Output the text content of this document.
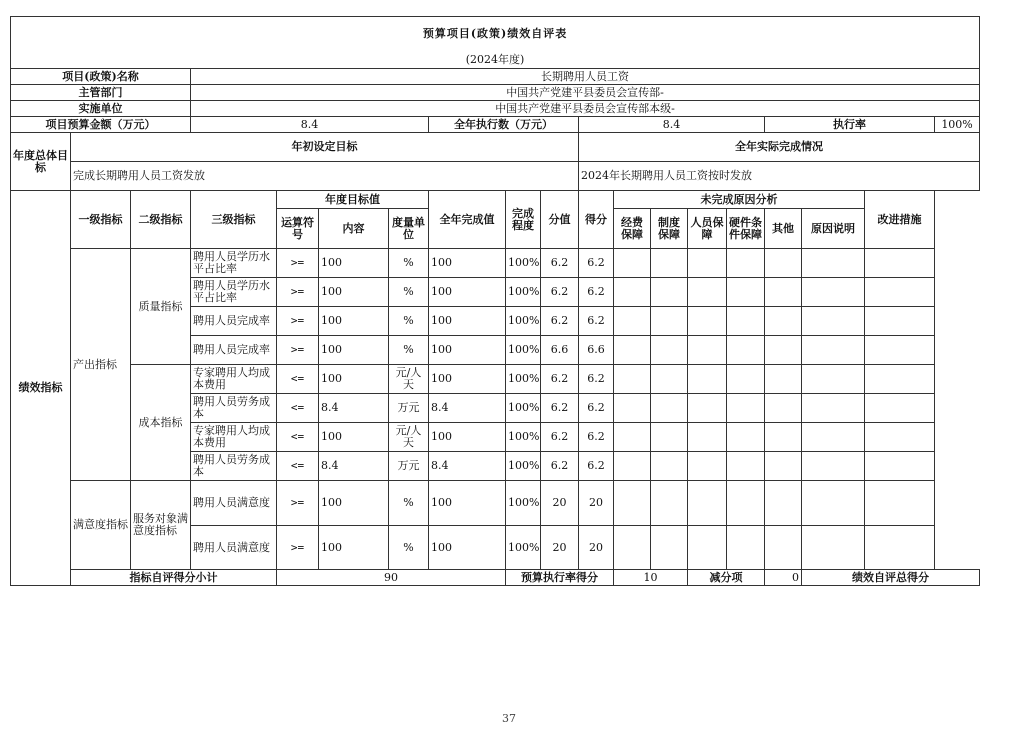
预算项目(政策)绩效自评表																			
(2024年度)																			
项目(政策)名称			长期聘用人员工资																
主管部门			中国共产党建平县委员会宣传部-																
实施单位			中国共产党建平县委员会宣传部本级-																
项目预算金额（万元）			8.4				全年执行数（万元）			8.4					执行率			100%	
年度总体目标	年初设定目标									全年实际完成情况									
	完成长期聘用人员工资发放									2024年长期聘用人员工资按时发放									
绩效指标	一级指标	二级指标	三级指标	年度目标值			全年完成值	完成程度	分值	得分	未完成原因分析						改进措施		
				运算符号	内容	度量单位					经费保障	制度保障	人员保障	硬件条件保障	其他	原因说明			
	产出指标	质量指标	聘用人员学历水平占比率	>=	100	%	100	100%	6.2	6.2									
			聘用人员学历水平占比率	>=	100	%	100	100%	6.2	6.2									
			聘用人员完成率	>=	100	%	100	100%	6.2	6.2									
			聘用人员完成率	>=	100	%	100	100%	6.6	6.6									
		成本指标	专家聘用人均成本费用	<=	100	元/人天	100	100%	6.2	6.2									
			聘用人员劳务成本	<=	8.4	万元	8.4	100%	6.2	6.2									
			专家聘用人均成本费用	<=	100	元/人天	100	100%	6.2	6.2									
			聘用人员劳务成本	<=	8.4	万元	8.4	100%	6.2	6.2									
	满意度指标	服务对象满意度指标	聘用人员满意度	>=	100	%	100	100%	20	20									
			聘用人员满意度	>=	100	%	100	100%	20	20									
	指标自评得分小计			90				预算执行率得分			10		减分项		0	绩效自评总得分	
37
